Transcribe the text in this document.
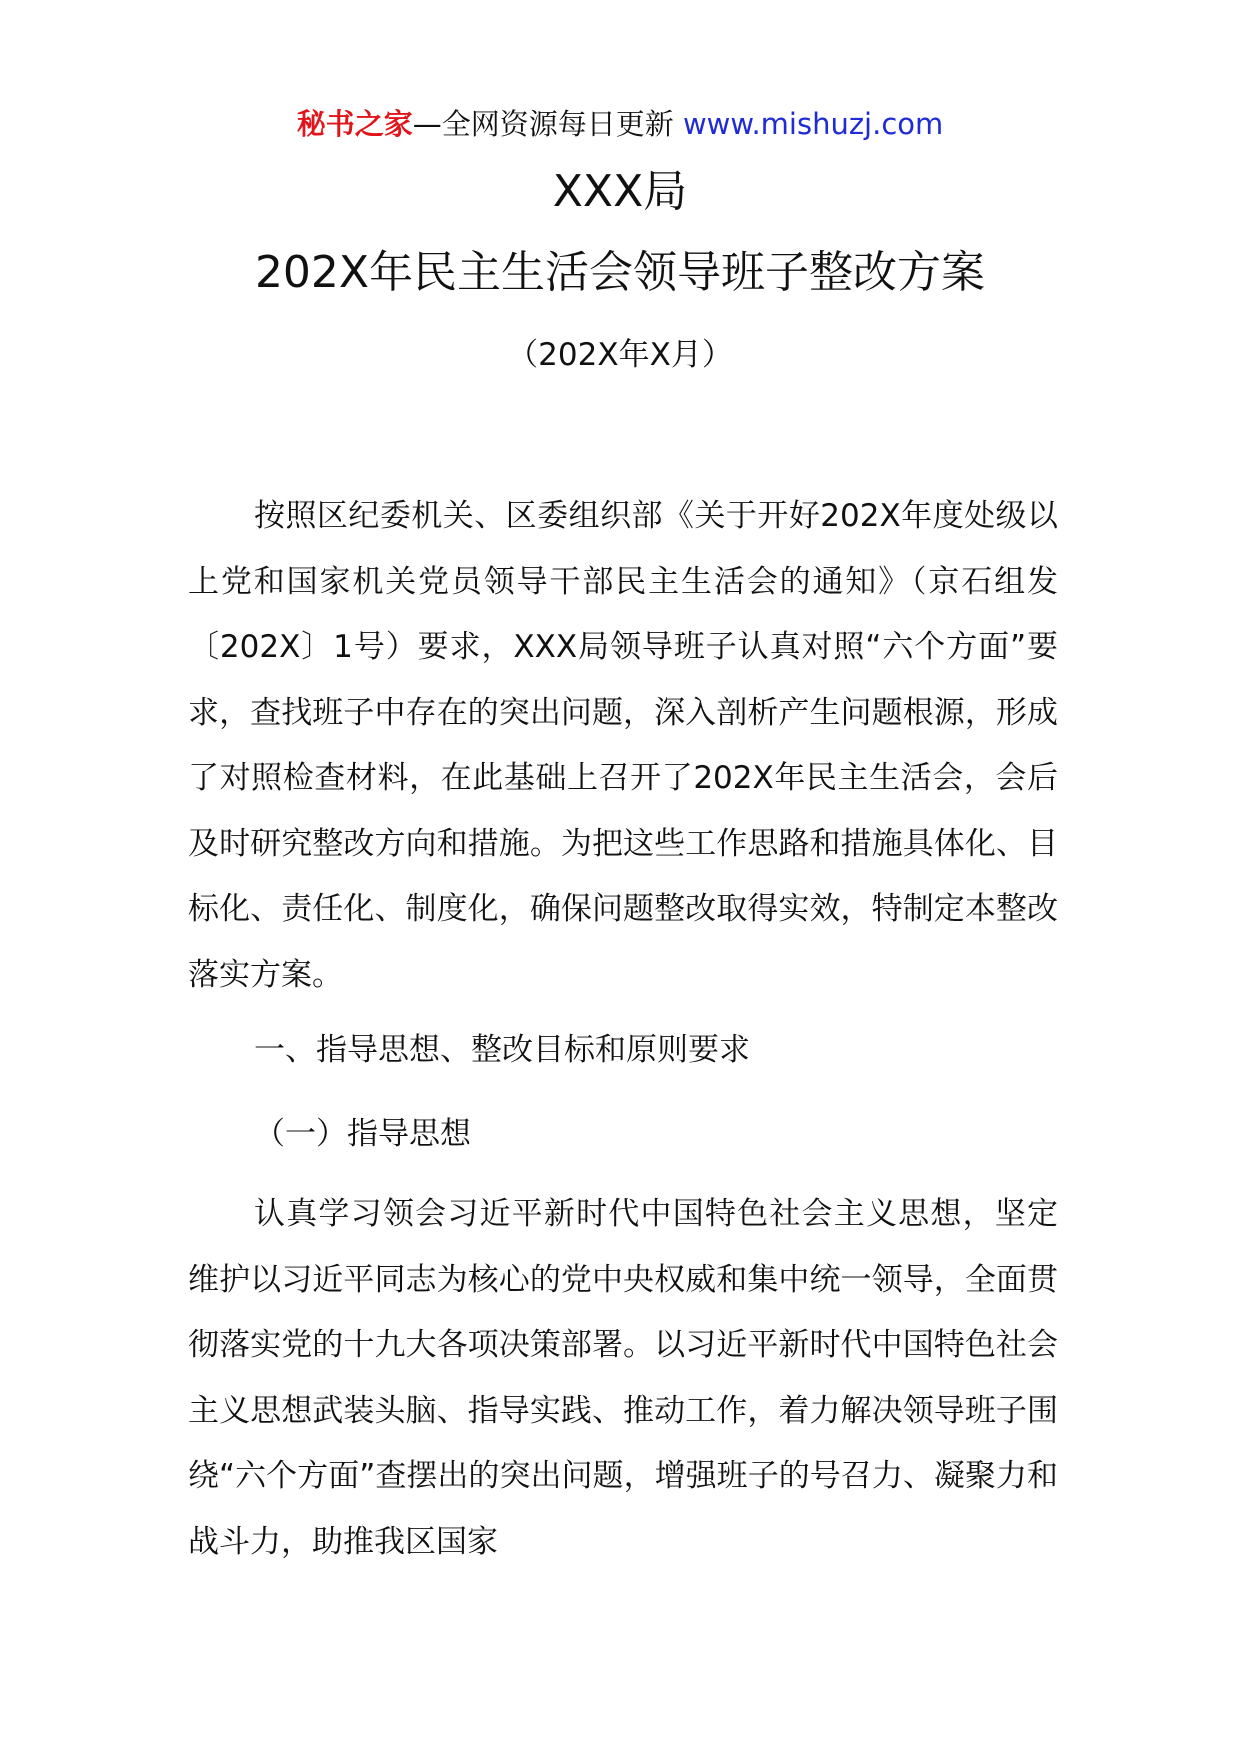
秘书之家—全网资源每日更新 www.mishuzj.com
XXX局
202X年民主生活会领导班子整改方案
（202X年X月）

按照区纪委机关、区委组织部《关于开好202X年度处级以上党和国家机关党员领导干部民主生活会的通知》（京石组发〔202X〕1号）要求，XXX局领导班子认真对照“六个方面”要求，查找班子中存在的突出问题，深入剖析产生问题根源，形成了对照检查材料，在此基础上召开了202X年民主生活会，会后及时研究整改方向和措施。为把这些工作思路和措施具体化、目标化、责任化、制度化，确保问题整改取得实效，特制定本整改落实方案。

一、指导思想、整改目标和原则要求
（一）指导思想

认真学习领会习近平新时代中国特色社会主义思想，坚定维护以习近平同志为核心的党中央权威和集中统一领导，全面贯彻落实党的十九大各项决策部署。以习近平新时代中国特色社会主义思想武装头脑、指导实践、推动工作，着力解决领导班子围绕“六个方面”查摆出的突出问题，增强班子的号召力、凝聚力和战斗力，助推我区国家
